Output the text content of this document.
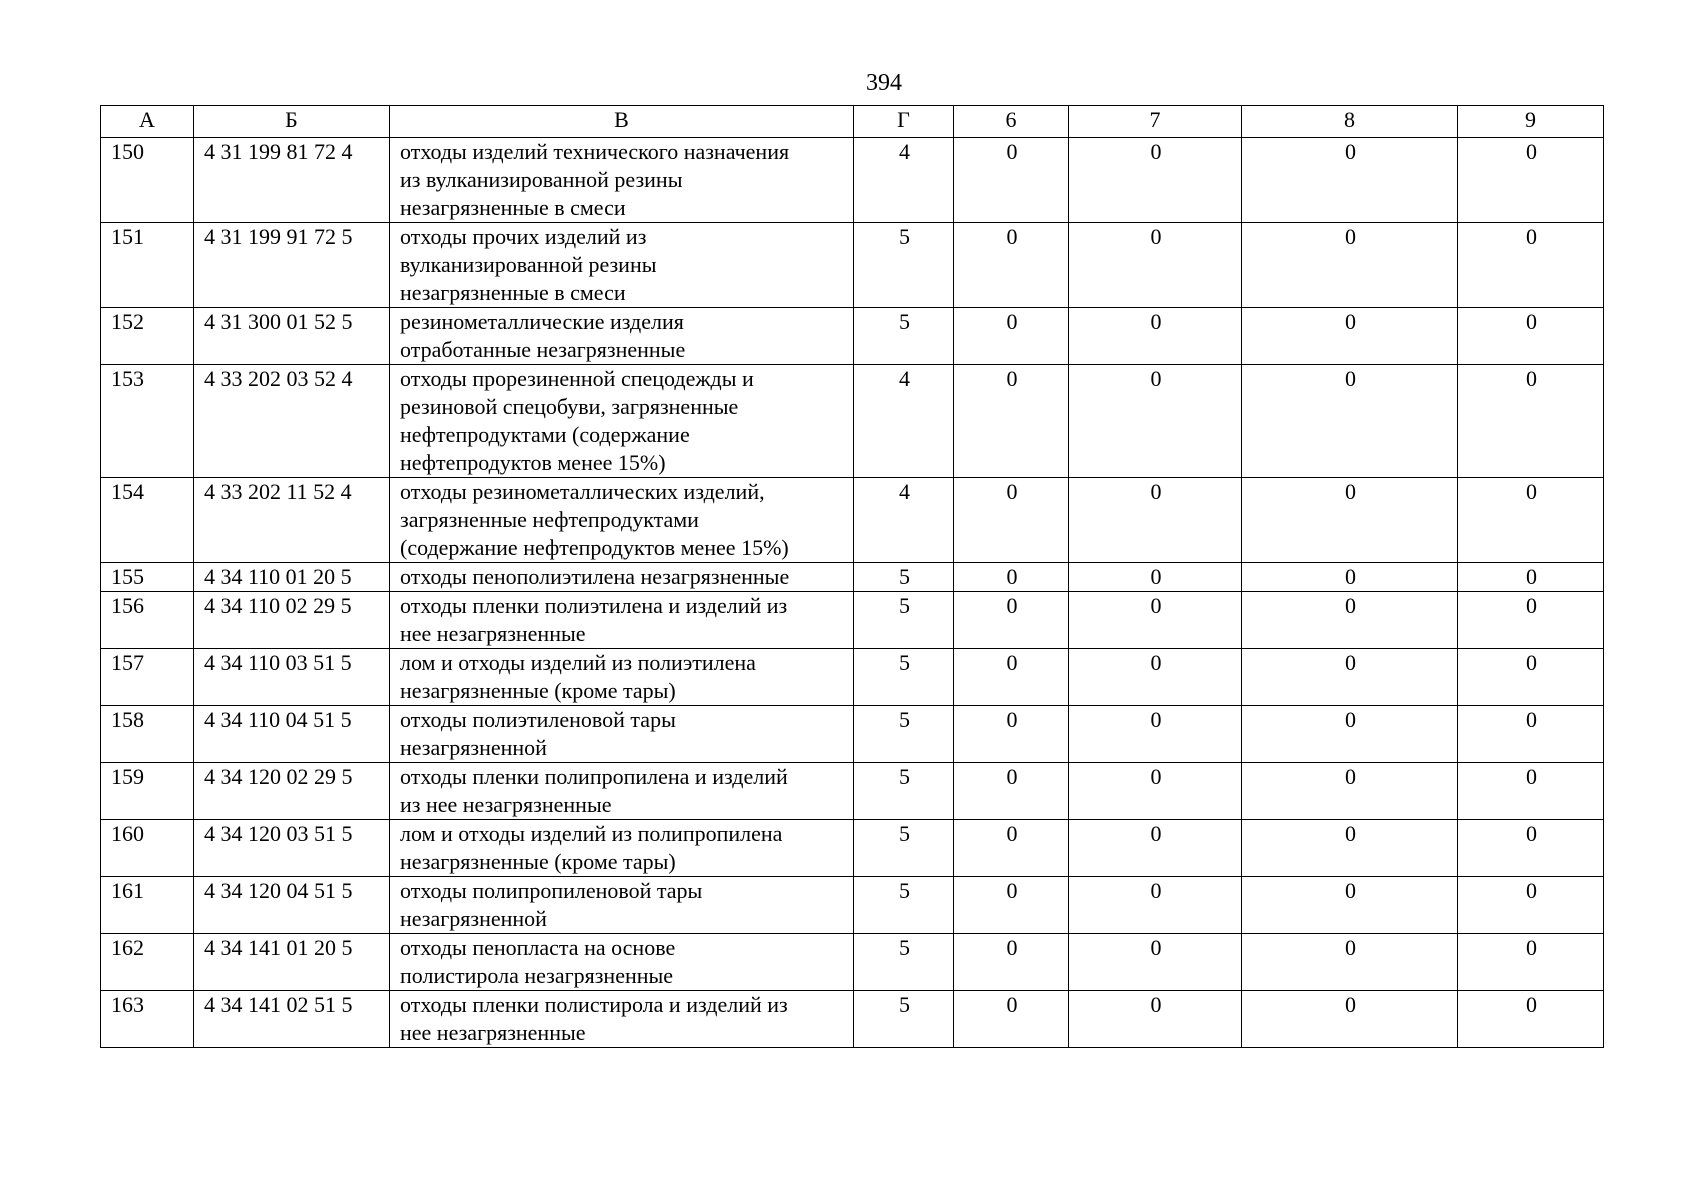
394
А	Б	В	Г	6	7	8	9
150	4 31 199 81 72 4	отходы изделий технического назначения
из вулканизированной резины
незагрязненные в смеси	4	0	0	0	0
151	4 31 199 91 72 5	отходы прочих изделий из
вулканизированной резины
незагрязненные в смеси	5	0	0	0	0
152	4 31 300 01 52 5	резинометаллические изделия
отработанные незагрязненные	5	0	0	0	0
153	4 33 202 03 52 4	отходы прорезиненной спецодежды и
резиновой спецобуви, загрязненные
нефтепродуктами (содержание
нефтепродуктов менее 15%)	4	0	0	0	0
154	4 33 202 11 52 4	отходы резинометаллических изделий,
загрязненные нефтепродуктами
(содержание нефтепродуктов менее 15%)	4	0	0	0	0
155	4 34 110 01 20 5	отходы пенополиэтилена незагрязненные	5	0	0	0	0
156	4 34 110 02 29 5	отходы пленки полиэтилена и изделий из
нее незагрязненные	5	0	0	0	0
157	4 34 110 03 51 5	лом и отходы изделий из полиэтилена
незагрязненные (кроме тары)	5	0	0	0	0
158	4 34 110 04 51 5	отходы полиэтиленовой тары
незагрязненной	5	0	0	0	0
159	4 34 120 02 29 5	отходы пленки полипропилена и изделий
из нее незагрязненные	5	0	0	0	0
160	4 34 120 03 51 5	лом и отходы изделий из полипропилена
незагрязненные (кроме тары)	5	0	0	0	0
161	4 34 120 04 51 5	отходы полипропиленовой тары
незагрязненной	5	0	0	0	0
162	4 34 141 01 20 5	отходы пенопласта на основе
полистирола незагрязненные	5	0	0	0	0
163	4 34 141 02 51 5	отходы пленки полистирола и изделий из
нее незагрязненные	5	0	0	0	0
